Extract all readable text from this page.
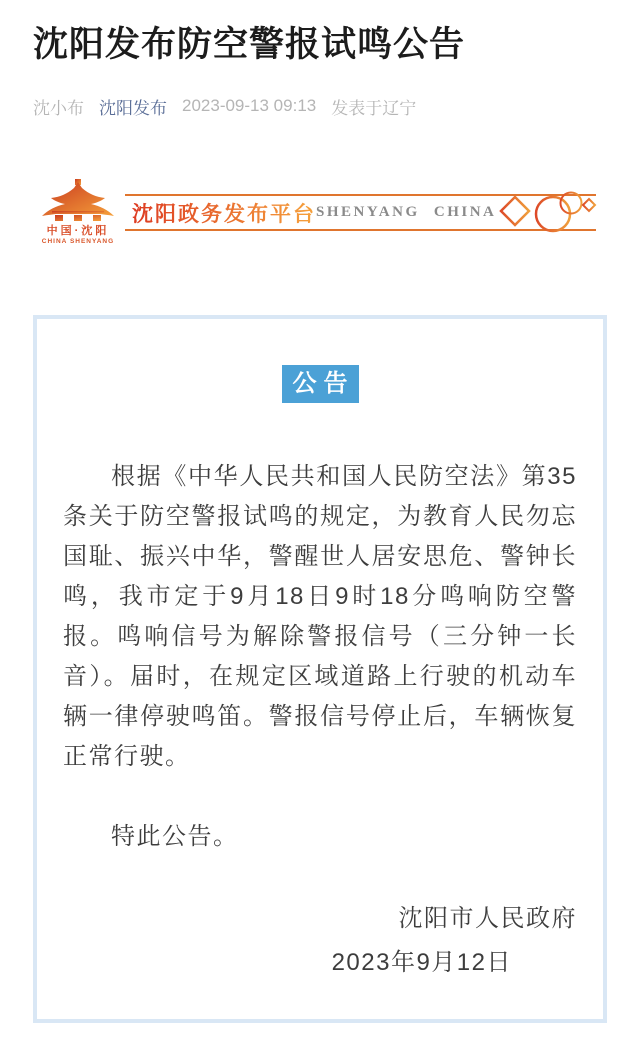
沈阳发布防空警报试鸣公告
沈小布 沈阳发布 2023-09-13 09:13 发表于辽宁
中国·沈阳
CHINA SHENYANG
沈阳政务发布平台 SHENYANG CHINA
公告

根据《中华人民共和国人民防空法》第35条关于防空警报试鸣的规定，为教育人民勿忘国耻、振兴中华，警醒世人居安思危、警钟长鸣，我市定于9月18日9时18分鸣响防空警报。鸣响信号为解除警报信号（三分钟一长音）。届时，在规定区域道路上行驶的机动车辆一律停驶鸣笛。警报信号停止后，车辆恢复正常行驶。

特此公告。

沈阳市人民政府
2023年9月12日
